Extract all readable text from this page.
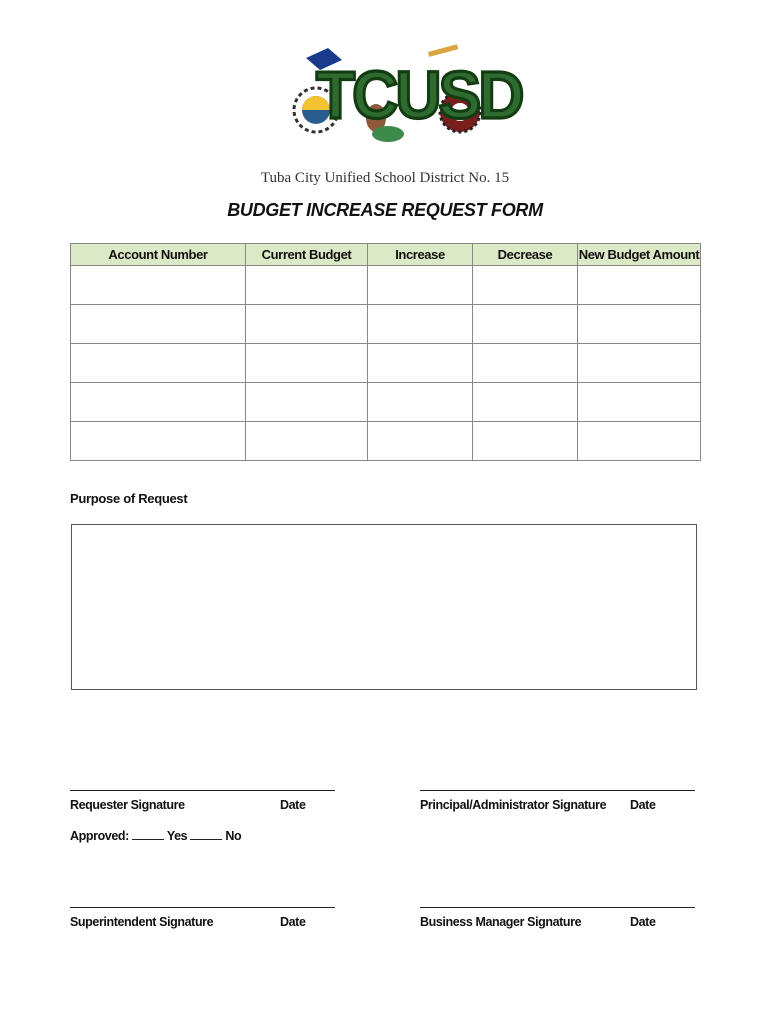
TCUSD
Tuba City Unified School District No. 15
BUDGET INCREASE REQUEST FORM
Account Number	Current Budget	Increase	Decrease	New Budget Amount

Purpose of Request
Requester Signature	Date	Principal/Administrator Signature Date
Approved:	Yes	No
Superintendent Signature	Date	Business Manager Signature	Date
